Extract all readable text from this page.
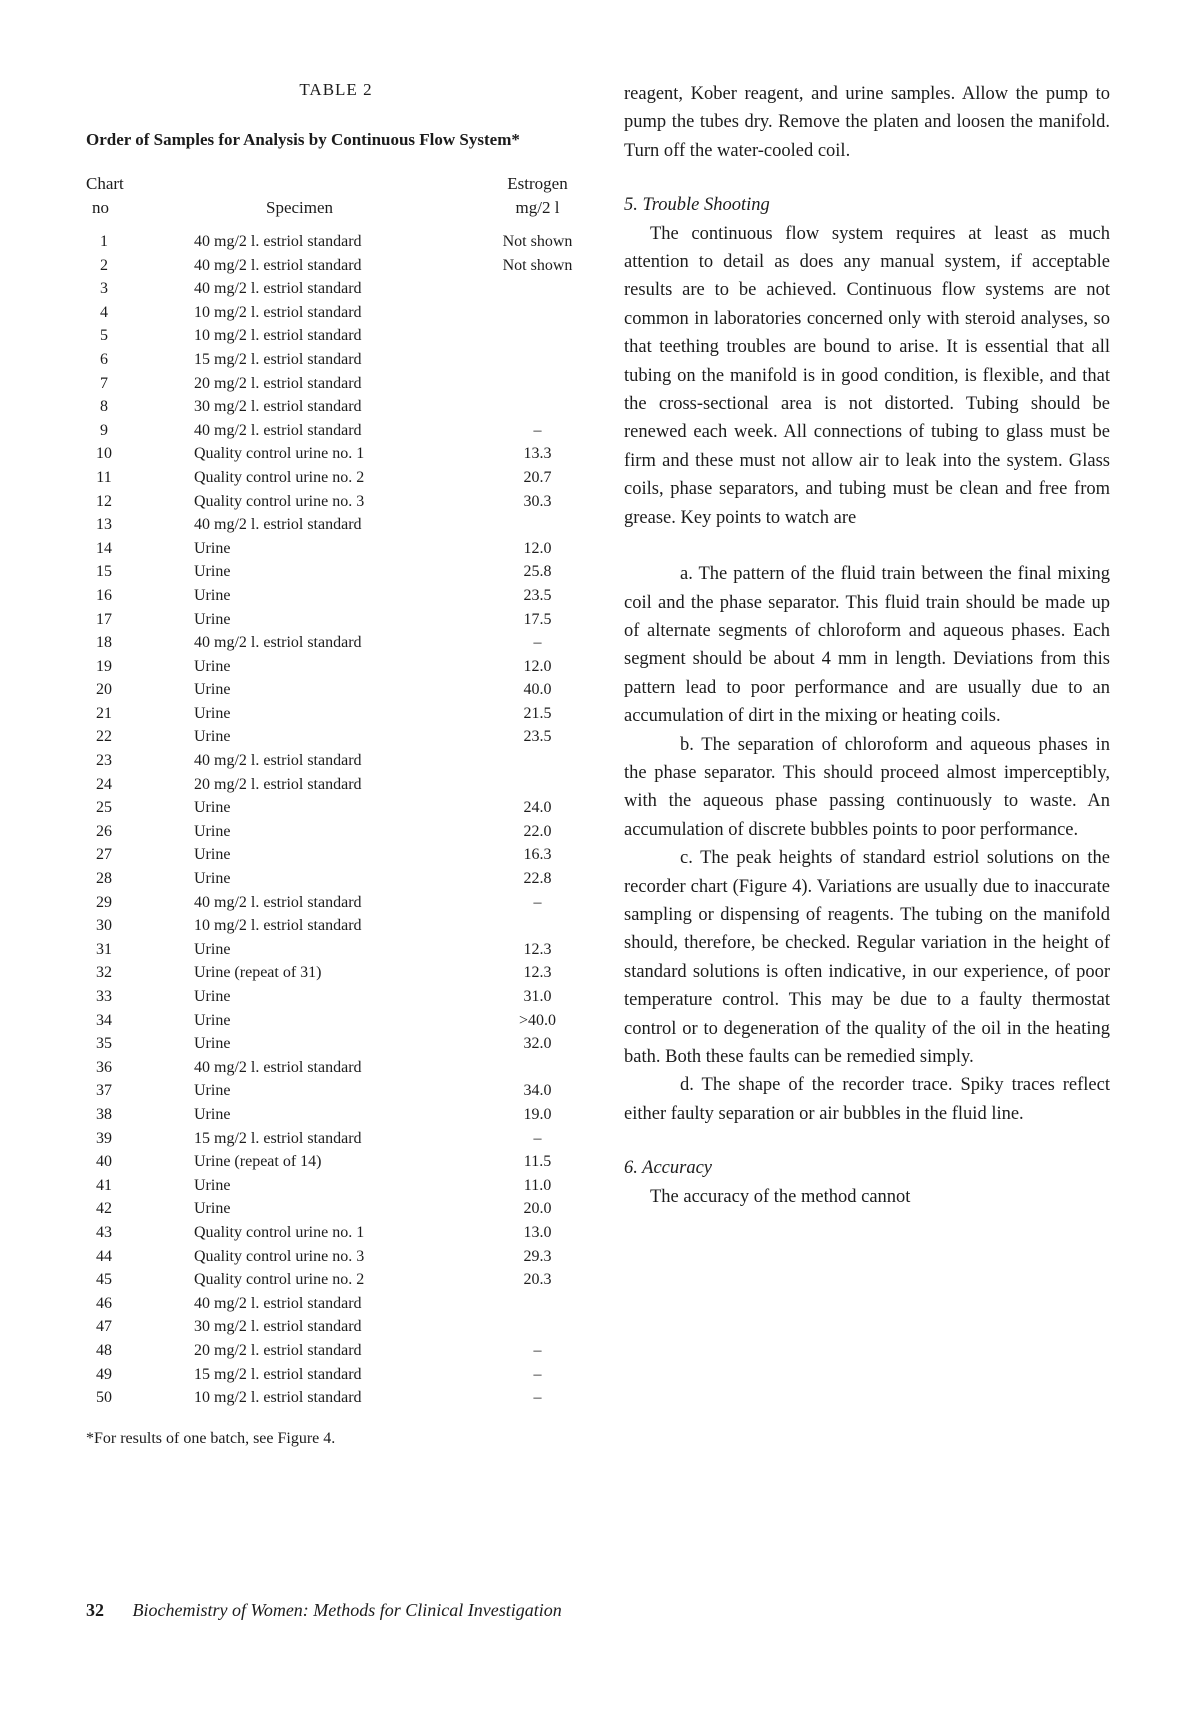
TABLE 2
Order of Samples for Analysis by Continuous Flow System*
Chart
no	Specimen
Estrogen
mg/2 l
1	40 mg/2 l. estriol standard	Not shown
2	40 mg/2 l. estriol standard	Not shown
3	40 mg/2 l. estriol standard
4	10 mg/2 l. estriol standard
5	10 mg/2 l. estriol standard
6	15 mg/2 l. estriol standard
7	20 mg/2 l. estriol standard
8	30 mg/2 l. estriol standard
9	40 mg/2 l. estriol standard	–
10	Quality control urine no. 1	13.3
11	Quality control urine no. 2	20.7
12	Quality control urine no. 3	30.3
13	40 mg/2 l. estriol standard
14	Urine	12.0
15	Urine	25.8
16	Urine	23.5
17	Urine	17.5
18	40 mg/2 l. estriol standard	–
19	Urine	12.0
20	Urine	40.0
21	Urine	21.5
22	Urine	23.5
23	40 mg/2 l. estriol standard
24	20 mg/2 l. estriol standard
25	Urine	24.0
26	Urine	22.0
27	Urine	16.3
28	Urine	22.8
29	40 mg/2 l. estriol standard	–
30	10 mg/2 l. estriol standard
31	Urine	12.3
32	Urine (repeat of 31)	12.3
33	Urine	31.0
34	Urine	>40.0
35	Urine	32.0
36	40 mg/2 l. estriol standard
37	Urine	34.0
38	Urine	19.0
39	15 mg/2 l. estriol standard	–
40	Urine (repeat of 14)	11.5
41	Urine	11.0
42	Urine	20.0
43	Quality control urine no. 1	13.0
44	Quality control urine no. 3	29.3
45	Quality control urine no. 2	20.3
46	40 mg/2 l. estriol standard
47	30 mg/2 l. estriol standard
48	20 mg/2 l. estriol standard	–
49	15 mg/2 l. estriol standard	–
50	10 mg/2 l. estriol standard	–
*For results of one batch, see Figure 4.

reagent, Kober reagent, and urine samples. Allow the pump to pump the tubes dry. Remove the platen and loosen the manifold. Turn off the water-cooled coil.

5. Trouble Shooting

The continuous flow system requires at least as much attention to detail as does any manual system, if acceptable results are to be achieved. Continuous flow systems are not common in laboratories concerned only with steroid analyses, so that teething troubles are bound to arise. It is essential that all tubing on the manifold is in good condition, is flexible, and that the cross-sectional area is not distorted. Tubing should be renewed each week. All connections of tubing to glass must be firm and these must not allow air to leak into the system. Glass coils, phase separators, and tubing must be clean and free from grease. Key points to watch are

a. The pattern of the fluid train between the final mixing coil and the phase separator. This fluid train should be made up of alternate segments of chloroform and aqueous phases. Each segment should be about 4 mm in length. Deviations from this pattern lead to poor performance and are usually due to an accumulation of dirt in the mixing or heating coils.

b. The separation of chloroform and aqueous phases in the phase separator. This should proceed almost imperceptibly, with the aqueous phase passing continuously to waste. An accumulation of discrete bubbles points to poor performance.

c. The peak heights of standard estriol solutions on the recorder chart (Figure 4). Variations are usually due to inaccurate sampling or dispensing of reagents. The tubing on the manifold should, therefore, be checked. Regular variation in the height of standard solutions is often indicative, in our experience, of poor temperature control. This may be due to a faulty thermostat control or to degeneration of the quality of the oil in the heating bath. Both these faults can be remedied simply.

d. The shape of the recorder trace. Spiky traces reflect either faulty separation or air bubbles in the fluid line.

6. Accuracy

The accuracy of the method cannot

32 Biochemistry of Women: Methods for Clinical Investigation
